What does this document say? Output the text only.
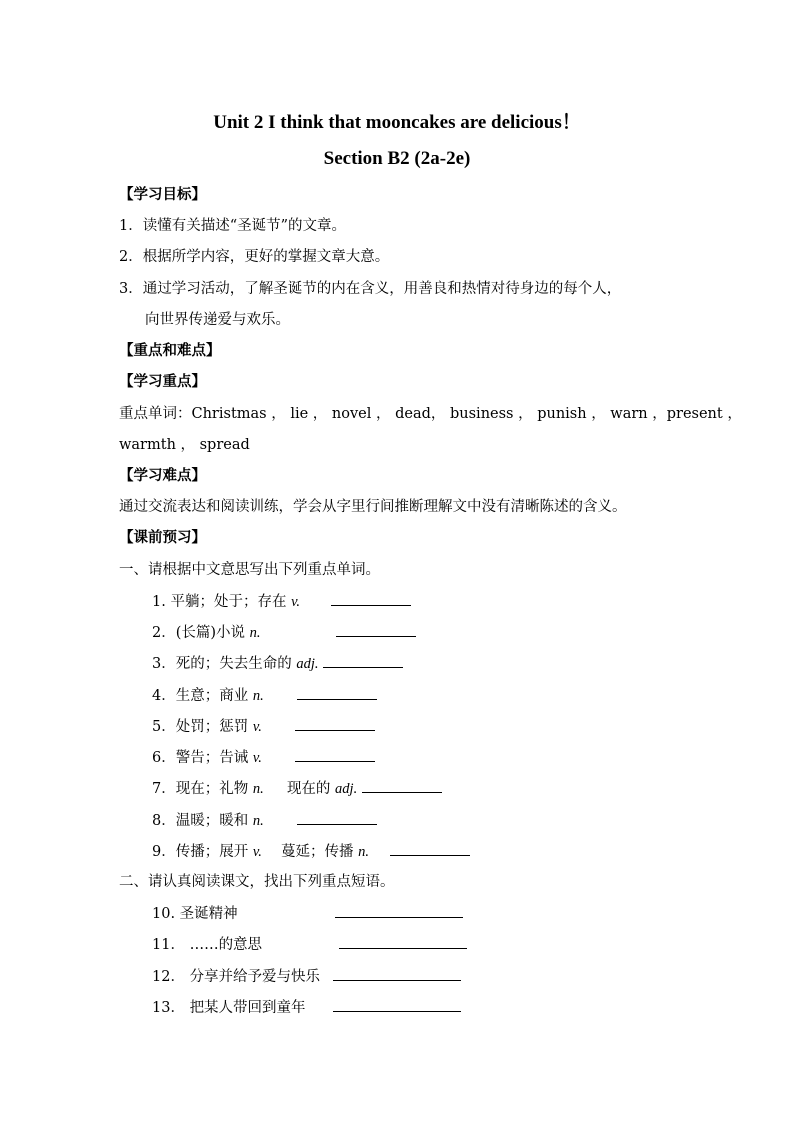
Unit 2 I think that mooncakes are delicious！
Section B2 (2a-2e)
【学习目标】
1．读懂有关描述“圣诞节”的文章。
2．根据所学内容，更好的掌握文章大意。
3．通过学习活动，了解圣诞节的内在含义，用善良和热情对待身边的每个人，
向世界传递爱与欢乐。
【重点和难点】
【学习重点】
重点单词：Christmas ， lie ， novel ， dead， business ， punish ， warn ，present ，
warmth ， spread
【学习难点】
通过交流表达和阅读训练，学会从字里行间推断理解文中没有清晰陈述的含义。
【课前预习】
一、请根据中文意思写出下列重点单词。
1. 平躺；处于；存在 v.
2．(长篇)小说 n.
3．死的；失去生命的 adj.
4．生意；商业 n.
5．处罚；惩罚 v.
6．警告；告诫 v.
7．现在；礼物 n. 现在的 adj.
8．温暖；暖和 n.
9．传播；展开 v. 蔓延；传播 n.
二、请认真阅读课文，找出下列重点短语。
10. 圣诞精神
11． ……的意思
12． 分享并给予爱与快乐
13． 把某人带回到童年
